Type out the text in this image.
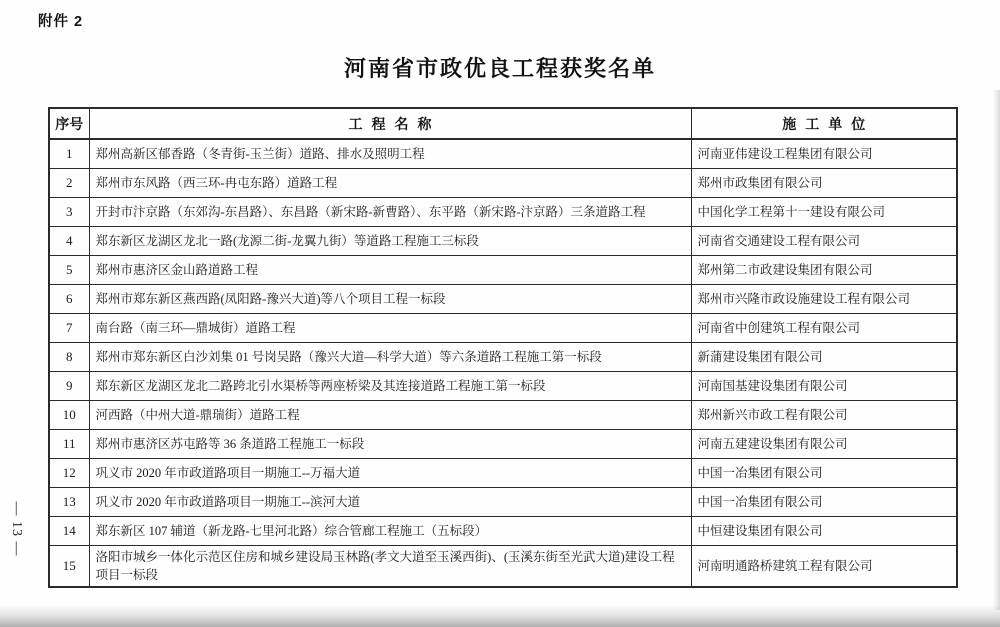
附件 2
河南省市政优良工程获奖名单
序号	工程名称	施工单位
1	郑州高新区郁香路（冬青街-玉兰街）道路、排水及照明工程	河南亚伟建设工程集团有限公司
2	郑州市东风路（西三环-冉屯东路）道路工程	郑州市政集团有限公司
3	开封市汴京路（东郊沟-东昌路）、东昌路（新宋路-新曹路）、东平路（新宋路-汴京路）三条道路工程	中国化学工程第十一建设有限公司
4	郑东新区龙湖区龙北一路(龙源二街-龙翼九街）等道路工程施工三标段	河南省交通建设工程有限公司
5	郑州市惠济区金山路道路工程	郑州第二市政建设集团有限公司
6	郑州市郑东新区燕西路(凤阳路-豫兴大道)等八个项目工程一标段	郑州市兴隆市政设施建设工程有限公司
7	南台路（南三环—鼎城街）道路工程	河南省中创建筑工程有限公司
8	郑州市郑东新区白沙刘集 01 号岗吴路（豫兴大道—科学大道）等六条道路工程施工第一标段	新蒲建设集团有限公司
9	郑东新区龙湖区龙北二路跨北引水渠桥等两座桥梁及其连接道路工程施工第一标段	河南国基建设集团有限公司
10	河西路（中州大道-鼎瑞街）道路工程	郑州新兴市政工程有限公司
11	郑州市惠济区苏屯路等 36 条道路工程施工一标段	河南五建建设集团有限公司
12	巩义市 2020 年市政道路项目一期施工--万福大道	中国一冶集团有限公司
13	巩义市 2020 年市政道路项目一期施工--滨河大道	中国一冶集团有限公司
14	郑东新区 107 辅道（新龙路-七里河北路）综合管廊工程施工（五标段）	中恒建设集团有限公司
15	洛阳市城乡一体化示范区住房和城乡建设局玉林路(孝文大道至玉溪西街)、(玉溪东街至光武大道)建设工程项目一标段	河南明通路桥建筑工程有限公司
— 13 —
